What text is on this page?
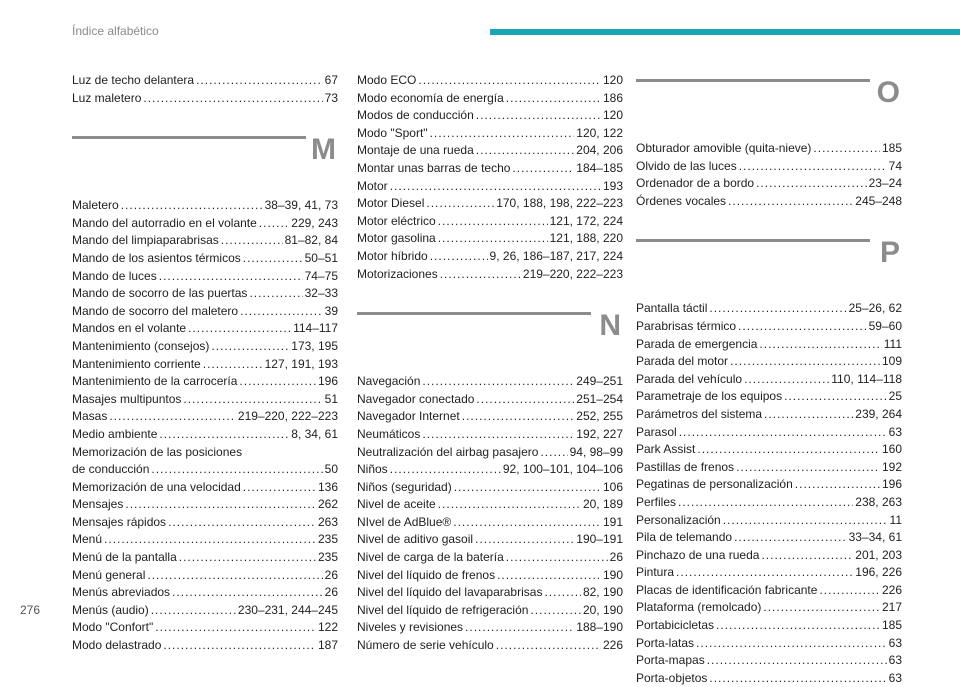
Índice alfabético
Luz de techo delantera .....	67
Luz maletero .....	73
M
Maletero .....	38–39, 41, 73
Mando del autorradio en el volante .....	229, 243
Mando del limpiaparabrisas .....	81–82, 84
Mando de los asientos térmicos .....	50–51
Mando de luces .....	74–75
Mando de socorro de las puertas .....	32–33
Mando de socorro del maletero .....	39
Mandos en el volante .....	114–117
Mantenimiento (consejos) .....	173, 195
Mantenimiento corriente .....	127, 191, 193
Mantenimiento de la carrocería .....	196
Masajes multipuntos .....	51
Masas .....	219–220, 222–223
Medio ambiente .....	8, 34, 61
Memorización de las posiciones
de conducción .....	50
Memorización de una velocidad .....	136
Mensajes .....	262
Mensajes rápidos .....	263
Menú .....	235
Menú de la pantalla .....	235
Menú general .....	26
Menús abreviados .....	26
Menús (audio) .....	230–231, 244–245
Modo "Confort" .....	122
Modo delastrado .....	187
Modo ECO .....	120
Modo economía de energía .....	186
Modos de conducción .....	120
Modo "Sport" .....	120, 122
Montaje de una rueda .....	204, 206
Montar unas barras de techo .....	184–185
Motor .....	193
Motor Diesel .....	170, 188, 198, 222–223
Motor eléctrico .....	121, 172, 224
Motor gasolina .....	121, 188, 220
Motor híbrido .....	9, 26, 186–187, 217, 224
Motorizaciones .....	219–220, 222–223
N
Navegación .....	249–251
Navegador conectado .....	251–254
Navegador Internet .....	252, 255
Neumáticos .....	192, 227
Neutralización del airbag pasajero .....	94, 98–99
Niños .....	92, 100–101, 104–106
Niños (seguridad) .....	106
Nivel de aceite .....	20, 189
NIvel de AdBlue® .....	191
Nivel de aditivo gasoil .....	190–191
Nivel de carga de la batería .....	26
Nivel del líquido de frenos .....	190
Nivel del líquido del lavaparabrisas .....	82, 190
Nivel del líquido de refrigeración .....	20, 190
Niveles y revisiones .....	188–190
Número de serie vehículo .....	226
O
Obturador amovible (quita-nieve) .....	185
Olvido de las luces .....	74
Ordenador de a bordo .....	23–24
Órdenes vocales .....	245–248
P
Pantalla táctil .....	25–26, 62
Parabrisas térmico .....	59–60
Parada de emergencia .....	111
Parada del motor .....	109
Parada del vehículo .....	110, 114–118
Parametraje de los equipos .....	25
Parámetros del sistema .....	239, 264
Parasol .....	63
Park Assist .....	160
Pastillas de frenos .....	192
Pegatinas de personalización .....	196
Perfiles .....	238, 263
Personalización .....	11
Pila de telemando .....	33–34, 61
Pinchazo de una rueda .....	201, 203
Pintura .....	196, 226
Placas de identificación fabricante .....	226
Plataforma (remolcado) .....	217
Portabicicletas .....	185
Porta-latas .....	63
Porta-mapas .....	63
Porta-objetos .....	63
276
